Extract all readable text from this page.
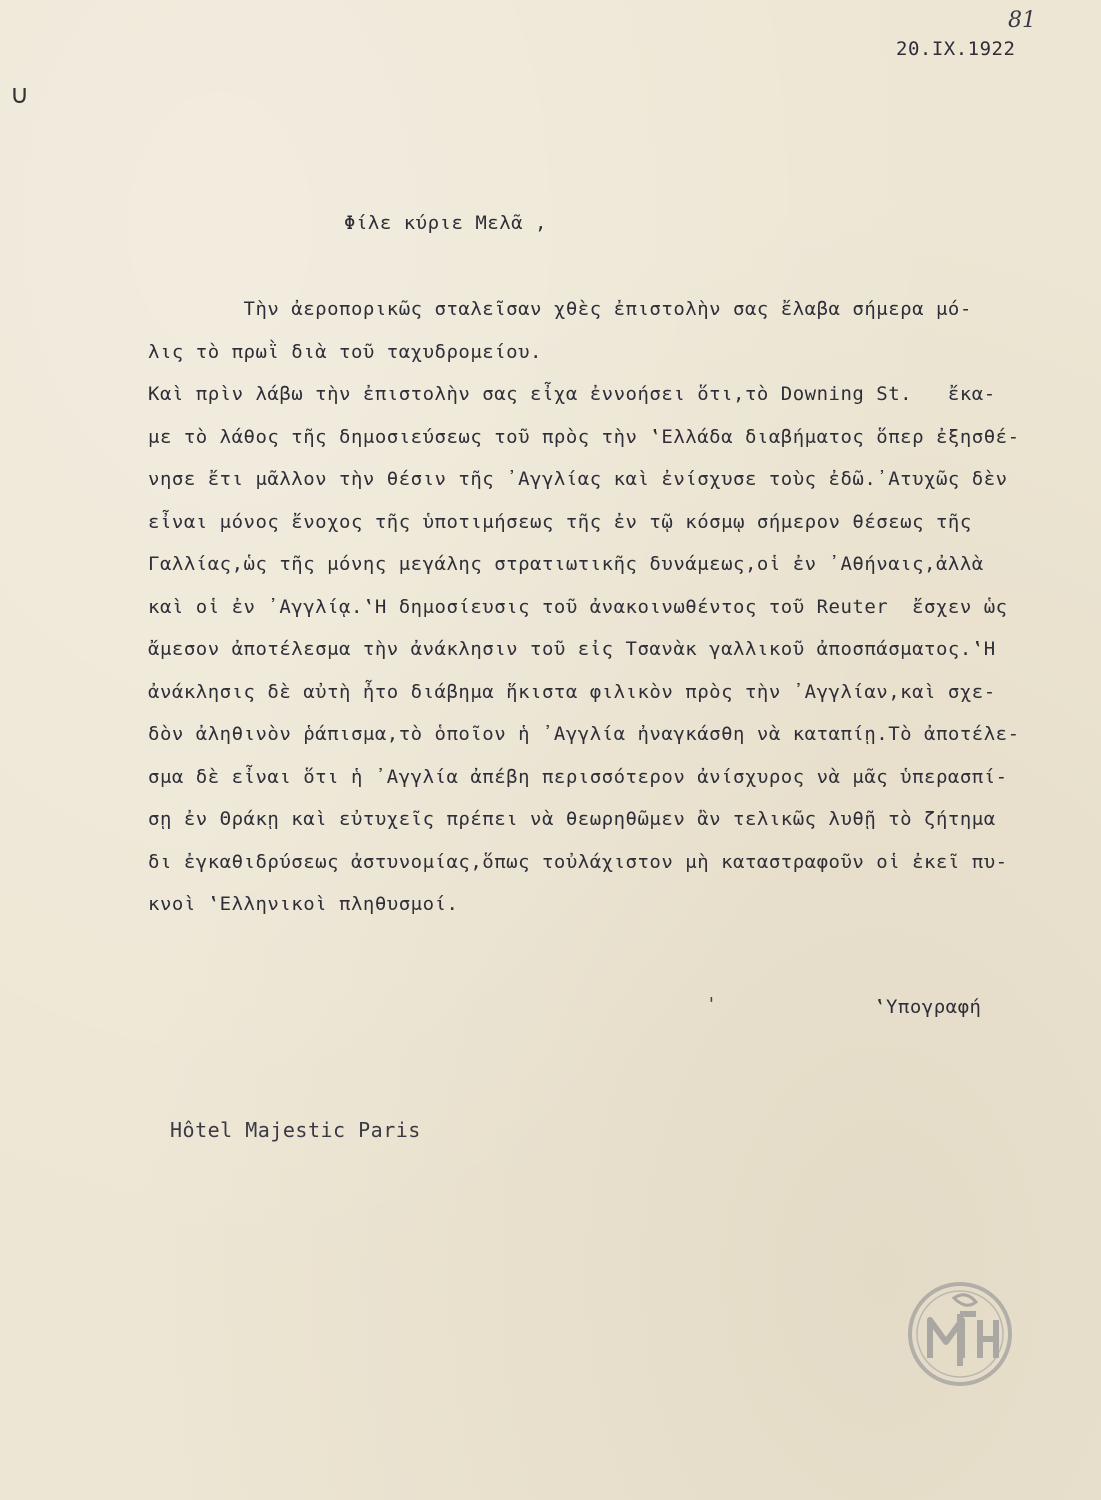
81
20.IX.1922
∪
Φίλε κύριε Μελᾶ ,
Τὴν ἀεροπορικῶς σταλεῖσαν χθὲς ἐπιστολὴν σας ἔλαβα σήμερα μό-
λις τὸ πρωῒ διὰ τοῦ ταχυδρομείου.
Καὶ πρὶν λάβω τὴν ἐπιστολὴν σας εἶχα ἐννοήσει ὅτι,τὸ Downing St.   ἔκα-
με τὸ λάθος τῆς δημοσιεύσεως τοῦ πρὸς τὴν ‛Ελλάδα διαβήματος ὅπερ ἐξησθέ-
νησε ἔτι μᾶλλον τὴν θέσιν τῆς ᾽Αγγλίας καὶ ἐνίσχυσε τοὺς ἐδῶ.᾽Ατυχῶς δὲν
εἶναι μόνος ἔνοχος τῆς ὑποτιμήσεως τῆς ἐν τῷ κόσμῳ σήμερον θέσεως τῆς
Γαλλίας,ὡς τῆς μόνης μεγάλης στρατιωτικῆς δυνάμεως,οἱ ἐν ᾽Αθήναις,ἀλλὰ
καὶ οἱ ἐν ᾽Αγγλίᾳ.‛Η δημοσίευσις τοῦ ἀνακοινωθέντος τοῦ Reuter  ἔσχεν ὡς
ἄμεσον ἀποτέλεσμα τὴν ἀνάκλησιν τοῦ εἰς Τσανὰκ γαλλικοῦ ἀποσπάσματος.‛Η
ἀνάκλησις δὲ αὐτὴ ἦτο διάβημα ἥκιστα φιλικὸν πρὸς τὴν ᾽Αγγλίαν,καὶ σχε-
δὸν ἀληθινὸν ῥάπισμα,τὸ ὁποῖον ἡ ᾽Αγγλία ἠναγκάσθη νὰ καταπίῃ.Τὸ ἀποτέλε-
σμα δὲ εἶναι ὅτι ἡ ᾽Αγγλία ἀπέβη περισσότερον ἀνίσχυρος νὰ μᾶς ὑπερασπί-
σῃ ἐν Θράκῃ καὶ εὐτυχεῖς πρέπει νὰ θεωρηθῶμεν ἂν τελικῶς λυθῇ τὸ ζήτημα
δι ἐγκαθιδρύσεως ἀστυνομίας,ὅπως τοὐλάχιστον μὴ καταστραφοῦν οἱ ἐκεῖ πυ-
κνοὶ ‛Ελληνικοὶ πληθυσμοί.
'	‛Υπογραφή
Hôtel Majestic Paris
